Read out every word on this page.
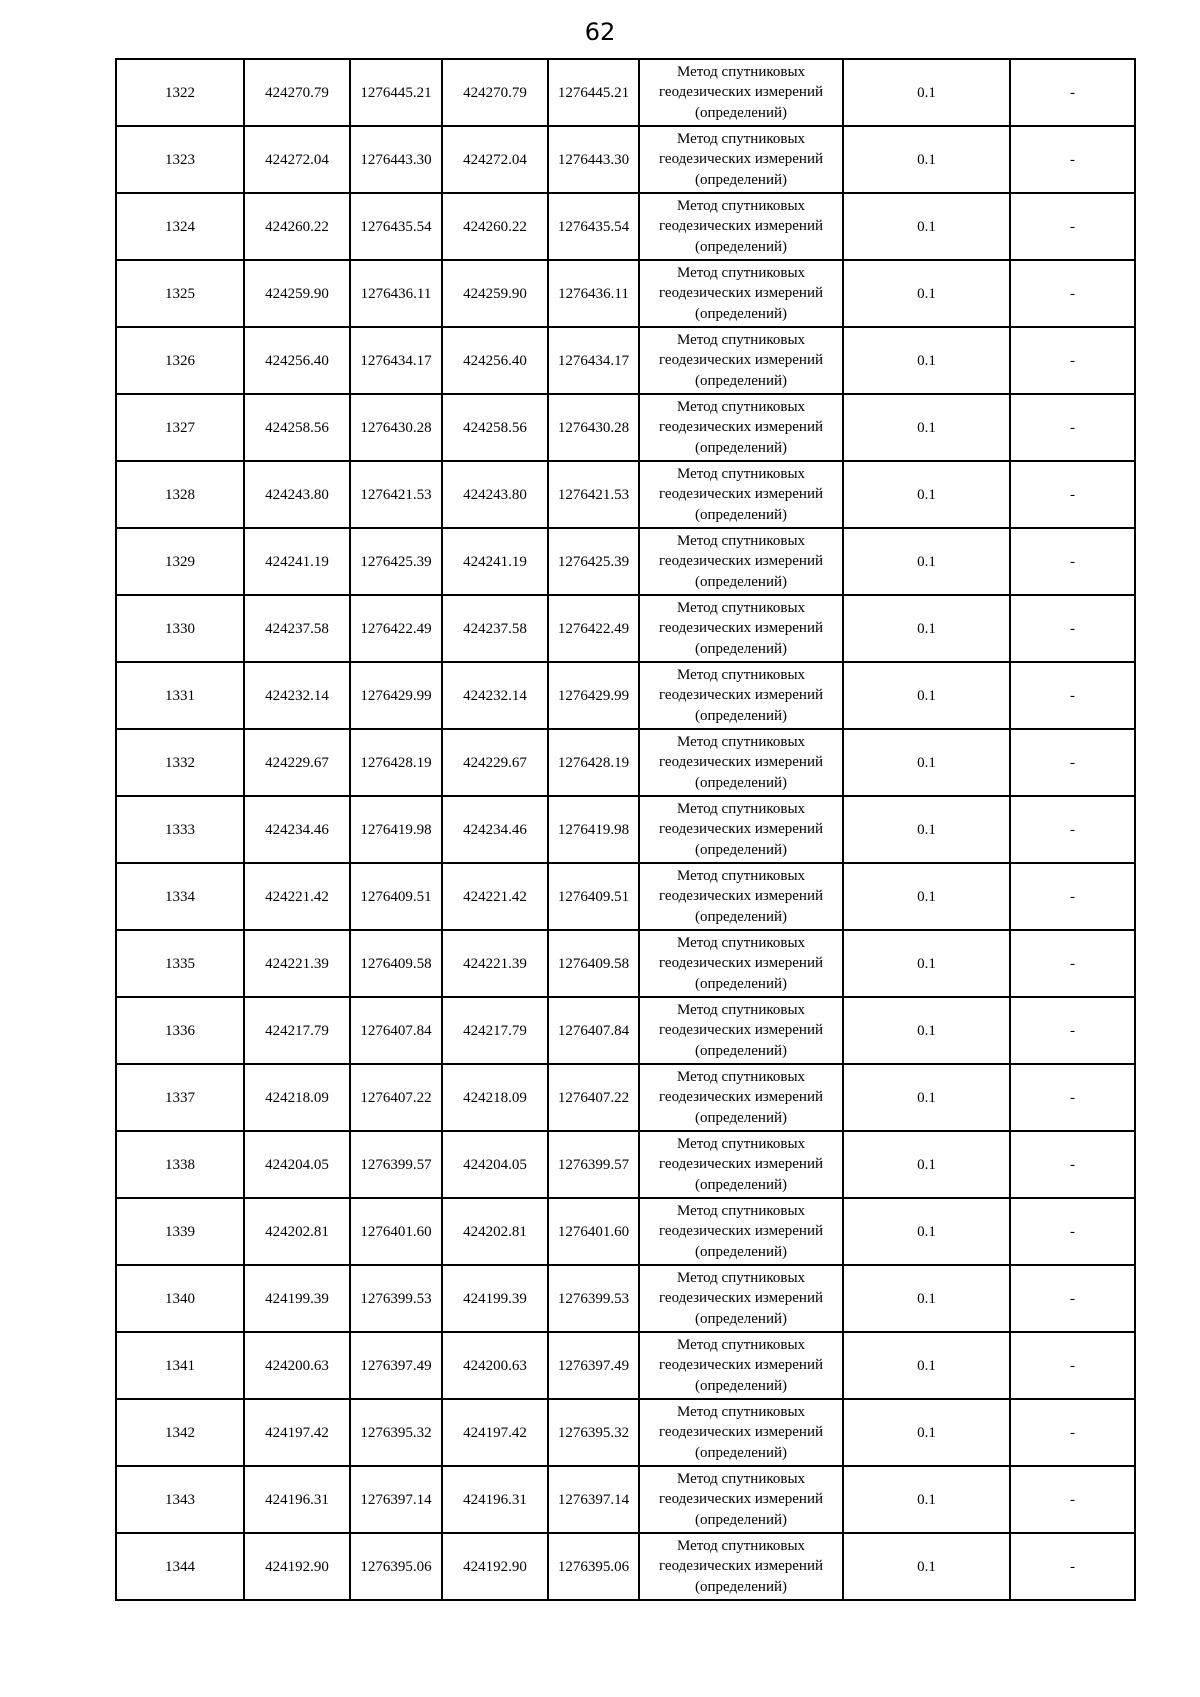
62
1322	424270.79	1276445.21	424270.79	1276445.21	Метод спутниковых
геодезических измерений
(определений)	0.1	-
1323	424272.04	1276443.30	424272.04	1276443.30	Метод спутниковых
геодезических измерений
(определений)	0.1	-
1324	424260.22	1276435.54	424260.22	1276435.54	Метод спутниковых
геодезических измерений
(определений)	0.1	-
1325	424259.90	1276436.11	424259.90	1276436.11	Метод спутниковых
геодезических измерений
(определений)	0.1	-
1326	424256.40	1276434.17	424256.40	1276434.17	Метод спутниковых
геодезических измерений
(определений)	0.1	-
1327	424258.56	1276430.28	424258.56	1276430.28	Метод спутниковых
геодезических измерений
(определений)	0.1	-
1328	424243.80	1276421.53	424243.80	1276421.53	Метод спутниковых
геодезических измерений
(определений)	0.1	-
1329	424241.19	1276425.39	424241.19	1276425.39	Метод спутниковых
геодезических измерений
(определений)	0.1	-
1330	424237.58	1276422.49	424237.58	1276422.49	Метод спутниковых
геодезических измерений
(определений)	0.1	-
1331	424232.14	1276429.99	424232.14	1276429.99	Метод спутниковых
геодезических измерений
(определений)	0.1	-
1332	424229.67	1276428.19	424229.67	1276428.19	Метод спутниковых
геодезических измерений
(определений)	0.1	-
1333	424234.46	1276419.98	424234.46	1276419.98	Метод спутниковых
геодезических измерений
(определений)	0.1	-
1334	424221.42	1276409.51	424221.42	1276409.51	Метод спутниковых
геодезических измерений
(определений)	0.1	-
1335	424221.39	1276409.58	424221.39	1276409.58	Метод спутниковых
геодезических измерений
(определений)	0.1	-
1336	424217.79	1276407.84	424217.79	1276407.84	Метод спутниковых
геодезических измерений
(определений)	0.1	-
1337	424218.09	1276407.22	424218.09	1276407.22	Метод спутниковых
геодезических измерений
(определений)	0.1	-
1338	424204.05	1276399.57	424204.05	1276399.57	Метод спутниковых
геодезических измерений
(определений)	0.1	-
1339	424202.81	1276401.60	424202.81	1276401.60	Метод спутниковых
геодезических измерений
(определений)	0.1	-
1340	424199.39	1276399.53	424199.39	1276399.53	Метод спутниковых
геодезических измерений
(определений)	0.1	-
1341	424200.63	1276397.49	424200.63	1276397.49	Метод спутниковых
геодезических измерений
(определений)	0.1	-
1342	424197.42	1276395.32	424197.42	1276395.32	Метод спутниковых
геодезических измерений
(определений)	0.1	-
1343	424196.31	1276397.14	424196.31	1276397.14	Метод спутниковых
геодезических измерений
(определений)	0.1	-
1344	424192.90	1276395.06	424192.90	1276395.06	Метод спутниковых
геодезических измерений
(определений)	0.1	-
